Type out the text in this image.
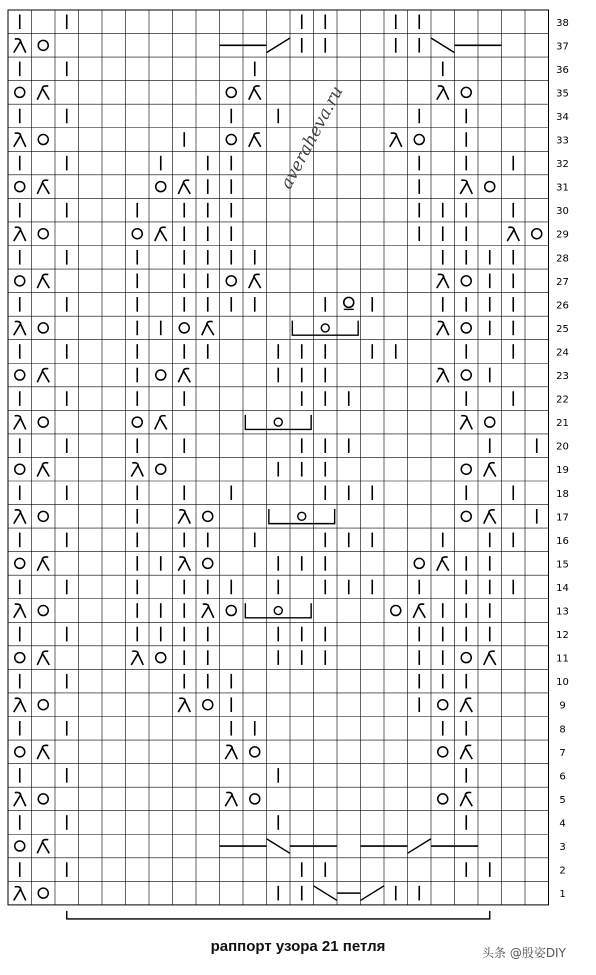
38
37
36
35
34
33
32
31
30
29
28
27
26
25
24
23
22
21
20
19
18
17
16
15
14
13
12
11
10
9
8
7
6
5
4
3
2
1
averaheva.ru
раппорт узора 21 петля	头条 @殷姿DIY
